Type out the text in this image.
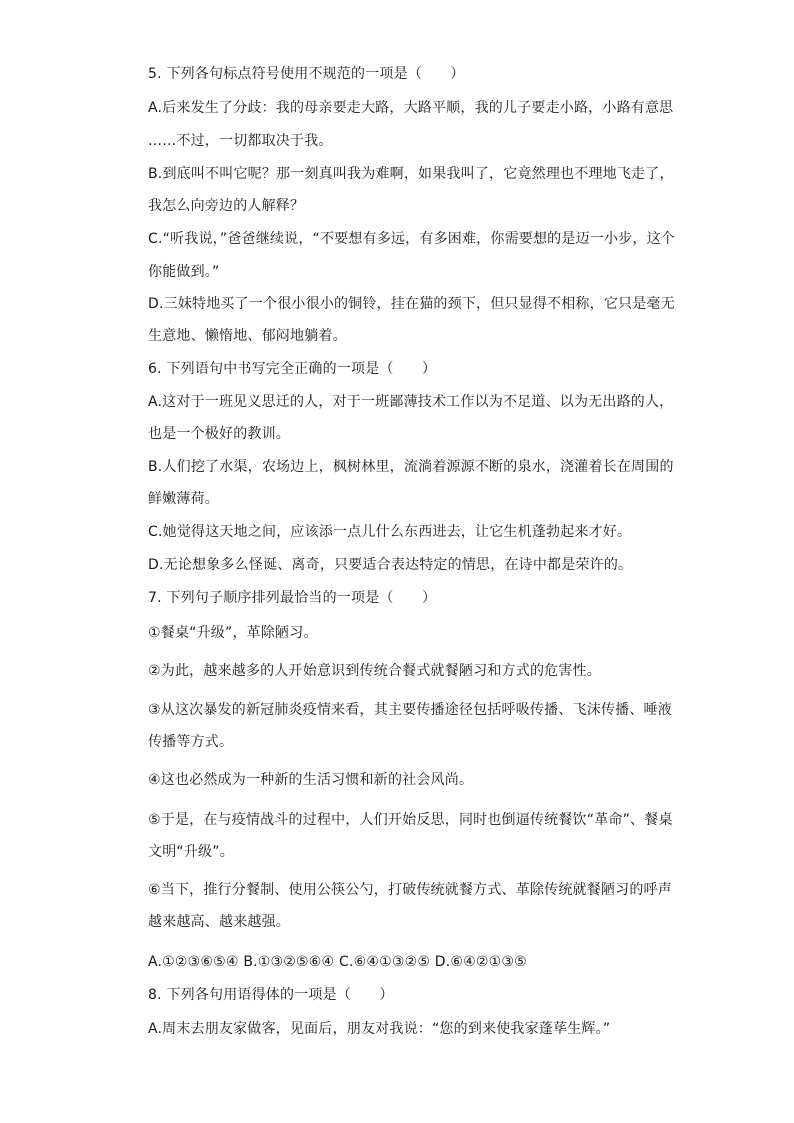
5. 下列各句标点符号使用不规范的一项是（　　）
A.后来发生了分歧：我的母亲要走大路，大路平顺，我的儿子要走小路，小路有意思
……不过，一切都取决于我。
B.到底叫不叫它呢？那一刻真叫我为难啊，如果我叫了，它竟然理也不理地飞走了，
我怎么向旁边的人解释？
C.“听我说，”爸爸继续说，“不要想有多远，有多困难，你需要想的是迈一小步，这个
你能做到。”
D.三妹特地买了一个很小很小的铜铃，挂在猫的颈下，但只显得不相称，它只是毫无
生意地、懒惰地、郁闷地躺着。
6. 下列语句中书写完全正确的一项是（　　）
A.这对于一班见义思迁的人，对于一班鄙薄技术工作以为不足道、以为无出路的人，
也是一个极好的教训。
B.人们挖了水渠，农场边上，枫树林里，流淌着源源不断的泉水，浇灌着长在周围的
鲜嫩薄荷。
C.她觉得这天地之间，应该添一点儿什么东西进去，让它生机蓬勃起来才好。
D.无论想象多么怪诞、离奇，只要适合表达特定的情思，在诗中都是荣许的。
7. 下列句子顺序排列最恰当的一项是（　　）
①餐桌“升级”，革除陋习。
②为此，越来越多的人开始意识到传统合餐式就餐陋习和方式的危害性。
③从这次暴发的新冠肺炎疫情来看，其主要传播途径包括呼吸传播、飞沫传播、唾液
传播等方式。
④这也必然成为一种新的生活习惯和新的社会风尚。
⑤于是，在与疫情战斗的过程中，人们开始反思，同时也倒逼传统餐饮“革命”、餐桌
文明“升级”。
⑥当下，推行分餐制、使用公筷公勺，打破传统就餐方式、革除传统就餐陋习的呼声
越来越高、越来越强。
A.①②③⑥⑤④ B.①③②⑤⑥④ C.⑥④①③②⑤ D.⑥④②①③⑤
8. 下列各句用语得体的一项是（　　）
A.周末去朋友家做客，见面后，朋友对我说：“您的到来使我家蓬荜生辉。”
